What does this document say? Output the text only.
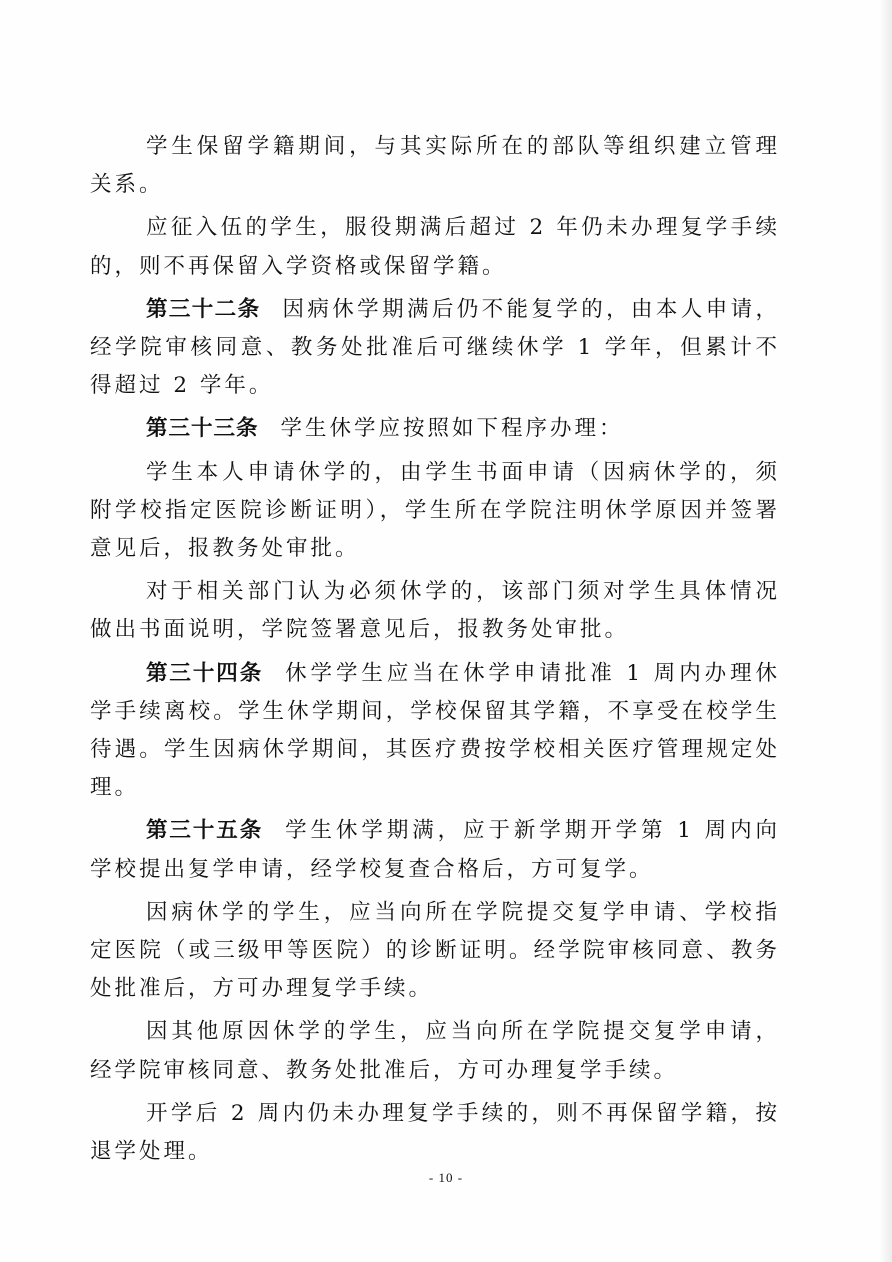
学生保留学籍期间，与其实际所在的部队等组织建立管理关系。

应征入伍的学生，服役期满后超过 2 年仍未办理复学手续的，则不再保留入学资格或保留学籍。

第三十二条 因病休学期满后仍不能复学的，由本人申请，经学院审核同意、教务处批准后可继续休学 1 学年，但累计不得超过 2 学年。

第三十三条 学生休学应按照如下程序办理：

学生本人申请休学的，由学生书面申请（因病休学的，须附学校指定医院诊断证明），学生所在学院注明休学原因并签署意见后，报教务处审批。

对于相关部门认为必须休学的，该部门须对学生具体情况做出书面说明，学院签署意见后，报教务处审批。

第三十四条 休学学生应当在休学申请批准 1 周内办理休学手续离校。学生休学期间，学校保留其学籍，不享受在校学生待遇。学生因病休学期间，其医疗费按学校相关医疗管理规定处理。

第三十五条 学生休学期满，应于新学期开学第 1 周内向学校提出复学申请，经学校复查合格后，方可复学。

因病休学的学生，应当向所在学院提交复学申请、学校指定医院（或三级甲等医院）的诊断证明。经学院审核同意、教务处批准后，方可办理复学手续。

因其他原因休学的学生，应当向所在学院提交复学申请，经学院审核同意、教务处批准后，方可办理复学手续。

开学后 2 周内仍未办理复学手续的，则不再保留学籍，按退学处理。

- 10 -
